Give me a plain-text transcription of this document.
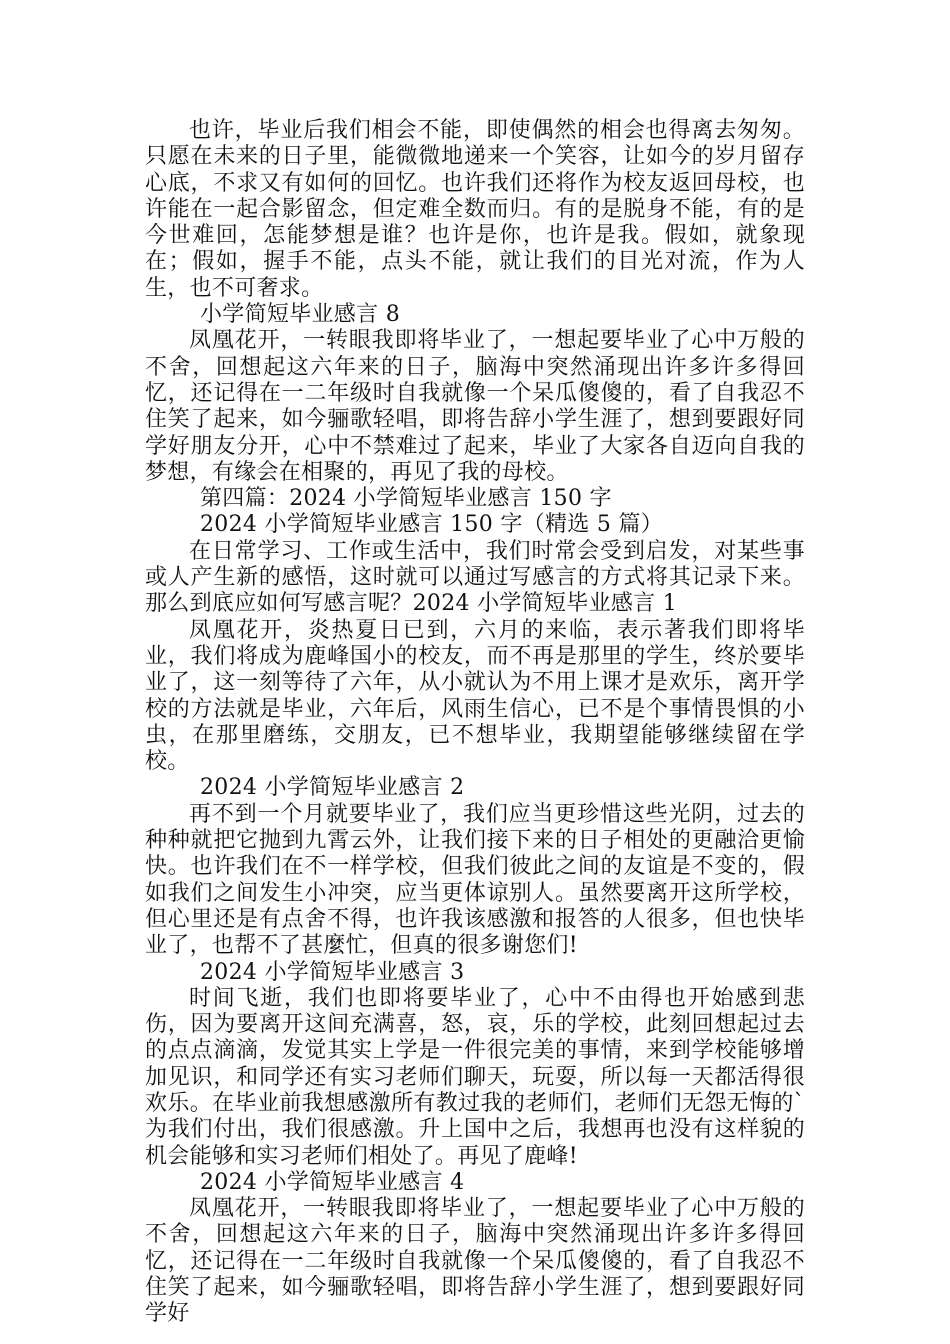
也许，毕业后我们相会不能，即使偶然的相会也得离去匆匆。只愿在未来的日子里，能微微地递来一个笑容，让如今的岁月留存心底，不求又有如何的回忆。也许我们还将作为校友返回母校，也许能在一起合影留念，但定难全数而归。有的是脱身不能，有的是今世难回，怎能梦想是谁？也许是你，也许是我。假如，就象现在；假如，握手不能，点头不能，就让我们的目光对流，作为人生，也不可奢求。

小学简短毕业感言 8

凤凰花开，一转眼我即将毕业了，一想起要毕业了心中万般的不舍，回想起这六年来的日子，脑海中突然涌现出许多许多得回忆，还记得在一二年级时自我就像一个呆瓜傻傻的，看了自我忍不住笑了起来，如今骊歌轻唱，即将告辞小学生涯了，想到要跟好同学好朋友分开，心中不禁难过了起来，毕业了大家各自迈向自我的梦想，有缘会在相聚的，再见了我的母校。

第四篇：2024 小学简短毕业感言 150 字

2024 小学简短毕业感言 150 字（精选 5 篇）

在日常学习、工作或生活中，我们时常会受到启发，对某些事或人产生新的感悟，这时就可以通过写感言的方式将其记录下来。那么到底应如何写感言呢？2024 小学简短毕业感言 1

凤凰花开，炎热夏日已到，六月的来临，表示著我们即将毕业，我们将成为鹿峰国小的校友，而不再是那里的学生，终於要毕业了，这一刻等待了六年，从小就认为不用上课才是欢乐，离开学校的方法就是毕业，六年后，风雨生信心，已不是个事情畏惧的小虫，在那里磨练，交朋友，已不想毕业，我期望能够继续留在学校。

2024 小学简短毕业感言 2

再不到一个月就要毕业了，我们应当更珍惜这些光阴，过去的种种就把它抛到九霄云外，让我们接下来的日子相处的更融洽更愉快。也许我们在不一样学校，但我们彼此之间的友谊是不变的，假如我们之间发生小冲突，应当更体谅别人。虽然要离开这所学校，但心里还是有点舍不得，也许我该感激和报答的人很多，但也快毕业了，也帮不了甚麼忙，但真的很多谢您们!

2024 小学简短毕业感言 3

时间飞逝，我们也即将要毕业了，心中不由得也开始感到悲伤，因为要离开这间充满喜，怒，哀，乐的学校，此刻回想起过去的点点滴滴，发觉其实上学是一件很完美的事情，来到学校能够增加见识，和同学还有实习老师们聊天，玩耍，所以每一天都活得很欢乐。在毕业前我想感激所有教过我的老师们，老师们无怨无悔的`为我们付出，我们很感激。升上国中之后，我想再也没有这样貌的机会能够和实习老师们相处了。再见了鹿峰!

2024 小学简短毕业感言 4

凤凰花开，一转眼我即将毕业了，一想起要毕业了心中万般的不舍，回想起这六年来的日子，脑海中突然涌现出许多许多得回忆，还记得在一二年级时自我就像一个呆瓜傻傻的，看了自我忍不住笑了起来，如今骊歌轻唱，即将告辞小学生涯了，想到要跟好同学好
